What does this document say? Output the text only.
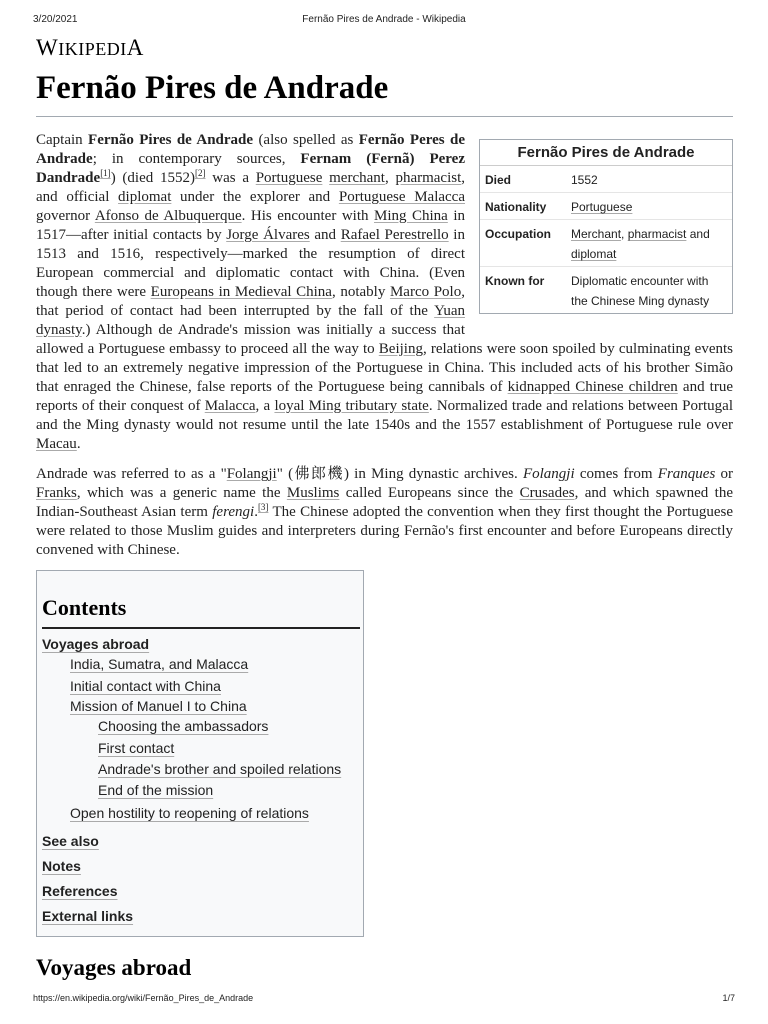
3/20/2021	Fernão Pires de Andrade - Wikipedia
WIKIPEDIA
Fernão Pires de Andrade
Fernão Pires de Andrade
Died	1552
Nationality	Portuguese
Occupation	Merchant, pharmacist and diplomat
Known for	Diplomatic encounter with the Chinese Ming dynasty

Captain Fernão Pires de Andrade (also spelled as Fernão Peres de Andrade; in contemporary sources, Fernam (Fernã) Perez Dandrade[1]) (died 1552)[2] was a Portuguese merchant, pharmacist, and official diplomat under the explorer and Portuguese Malacca governor Afonso de Albuquerque. His encounter with Ming China in 1517—after initial contacts by Jorge Álvares and Rafael Perestrello in 1513 and 1516, respectively—marked the resumption of direct European commercial and diplomatic contact with China. (Even though there were Europeans in Medieval China, notably Marco Polo, that period of contact had been interrupted by the fall of the Yuan dynasty.) Although de Andrade's mission was initially a success that allowed a Portuguese embassy to proceed all the way to Beijing, relations were soon spoiled by culminating events that led to an extremely negative impression of the Portuguese in China. This included acts of his brother Simão that enraged the Chinese, false reports of the Portuguese being cannibals of kidnapped Chinese children and true reports of their conquest of Malacca, a loyal Ming tributary state. Normalized trade and relations between Portugal and the Ming dynasty would not resume until the late 1540s and the 1557 establishment of Portuguese rule over Macau.

Andrade was referred to as a "Folangji" (佛郎機) in Ming dynastic archives. Folangji comes from Franques or Franks, which was a generic name the Muslims called Europeans since the Crusades, and which spawned the Indian-Southeast Asian term ferengi.[3] The Chinese adopted the convention when they first thought the Portuguese were related to those Muslim guides and interpreters during Fernão's first encounter and before Europeans directly convened with Chinese.

Contents
Voyages abroad
India, Sumatra, and Malacca
Initial contact with China
Mission of Manuel I to China
Choosing the ambassadors
First contact
Andrade's brother and spoiled relations
End of the mission
Open hostility to reopening of relations
See also
Notes
References
External links
Voyages abroad
https://en.wikipedia.org/wiki/Fernão_Pires_de_Andrade	1/7
